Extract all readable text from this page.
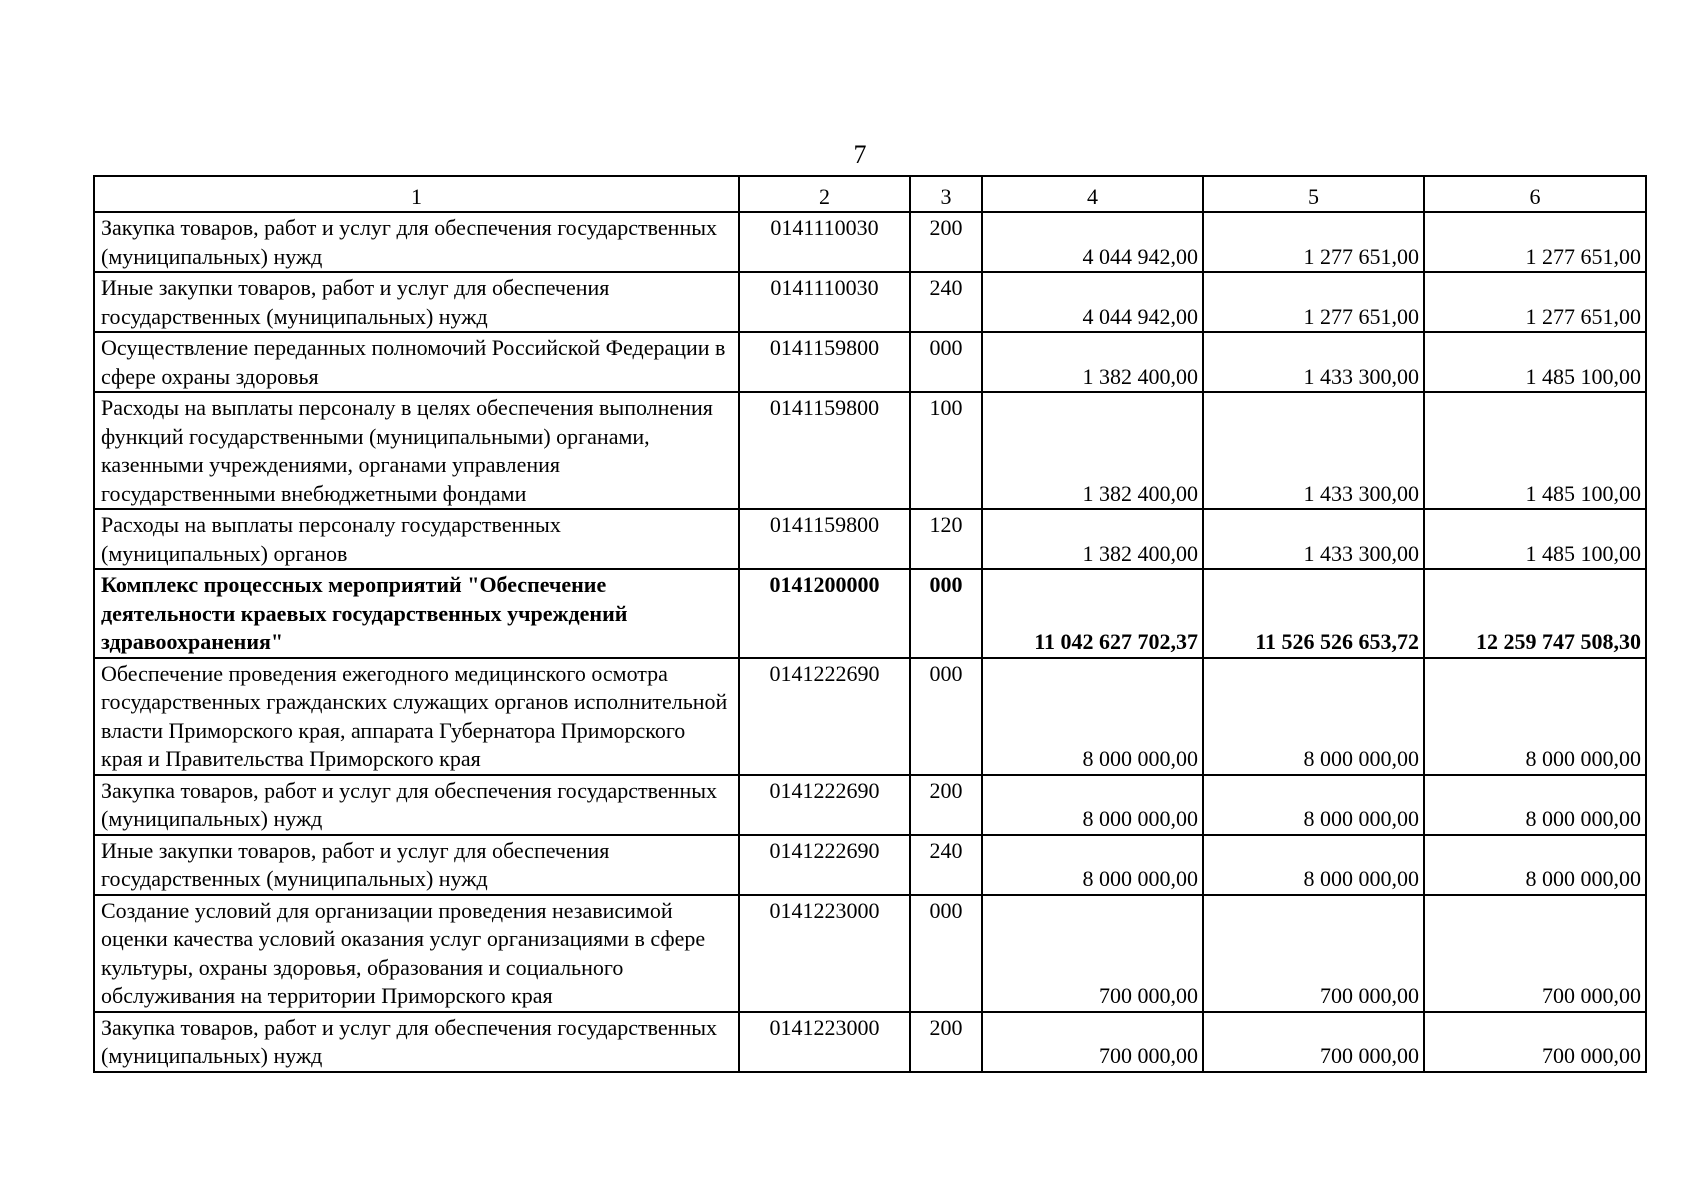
7
1	2	3	4	5	6
Закупка товаров, работ и услуг для обеспечения государственных (муниципальных) нужд	0141110030	200	4 044 942,00	1 277 651,00	1 277 651,00
Иные закупки товаров, работ и услуг для обеспечения государственных (муниципальных) нужд	0141110030	240	4 044 942,00	1 277 651,00	1 277 651,00
Осуществление переданных полномочий Российской Федерации в сфере охраны здоровья	0141159800	000	1 382 400,00	1 433 300,00	1 485 100,00
Расходы на выплаты персоналу в целях обеспечения выполнения функций государственными (муниципальными) органами, казенными учреждениями, органами управления государственными внебюджетными фондами	0141159800	100	1 382 400,00	1 433 300,00	1 485 100,00
Расходы на выплаты персоналу государственных (муниципальных) органов	0141159800	120	1 382 400,00	1 433 300,00	1 485 100,00
Комплекс процессных мероприятий "Обеспечение деятельности краевых государственных учреждений здравоохранения"	0141200000	000	11 042 627 702,37	11 526 526 653,72	12 259 747 508,30
Обеспечение проведения ежегодного медицинского осмотра государственных гражданских служащих органов исполнительной власти Приморского края, аппарата Губернатора Приморского края и Правительства Приморского края	0141222690	000	8 000 000,00	8 000 000,00	8 000 000,00
Закупка товаров, работ и услуг для обеспечения государственных (муниципальных) нужд	0141222690	200	8 000 000,00	8 000 000,00	8 000 000,00
Иные закупки товаров, работ и услуг для обеспечения государственных (муниципальных) нужд	0141222690	240	8 000 000,00	8 000 000,00	8 000 000,00
Создание условий для организации проведения независимой оценки качества условий оказания услуг организациями в сфере культуры, охраны здоровья, образования и социального обслуживания на территории Приморского края	0141223000	000	700 000,00	700 000,00	700 000,00
Закупка товаров, работ и услуг для обеспечения государственных (муниципальных) нужд	0141223000	200	700 000,00	700 000,00	700 000,00
